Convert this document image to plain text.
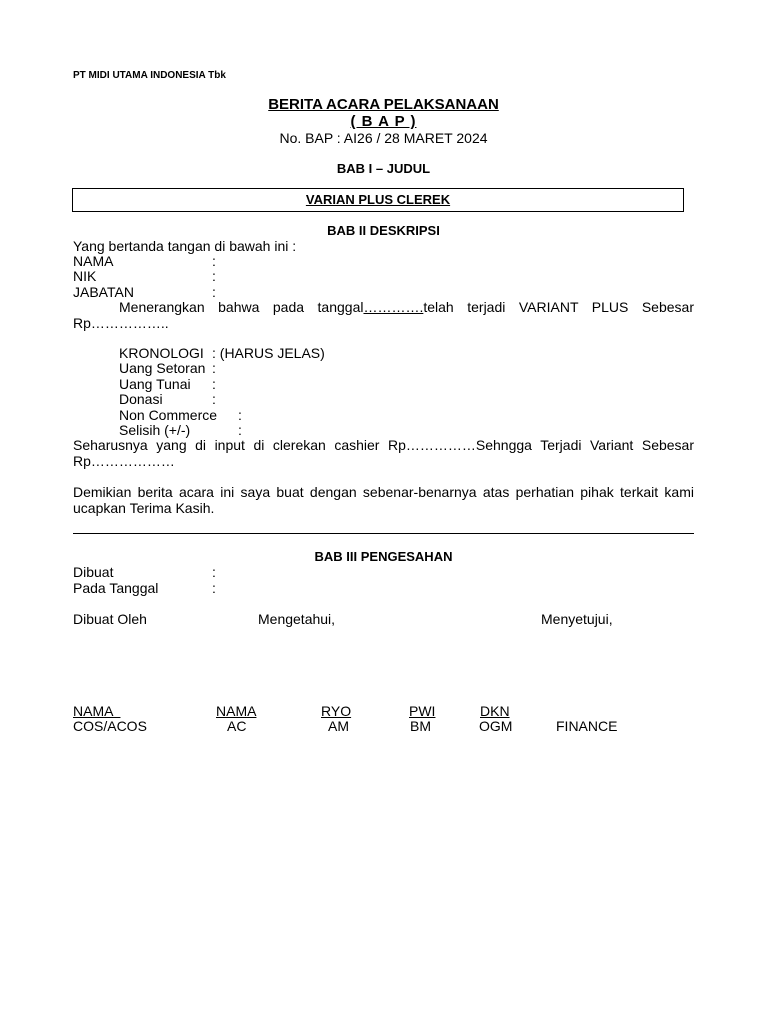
PT MIDI UTAMA INDONESIA Tbk
BERITA ACARA PELAKSANAAN
( B A P )
No. BAP : AI26 / 28 MARET 2024
BAB I – JUDUL
VARIAN PLUS CLEREK
BAB II DESKRIPSI
Yang bertanda tangan di bawah ini :
NAMA	:
NIK	:
JABATAN	:
Menerangkan bahwa pada tanggal………….telah terjadi VARIANT PLUS Sebesar Rp……………..
KRONOLOGI : (HARUS JELAS)
Uang Setoran :
Uang Tunai :
Donasi	:
Non Commerce :
Selisih (+/-)	:
Seharusnya yang di input di clerekan cashier Rp……………Sehngga Terjadi Variant Sebesar Rp………………
Demikian berita acara ini saya buat dengan sebenar-benarnya atas perhatian pihak terkait kami ucapkan Terima Kasih.
BAB III PENGESAHAN
Dibuat	:
Pada Tanggal	:
Dibuat Oleh	Mengetahui,	Menyetujui,
NAMA	NAMA	RYO	PWI	DKN
COS/ACOS	AC	AM	BM	OGM	FINANCE
